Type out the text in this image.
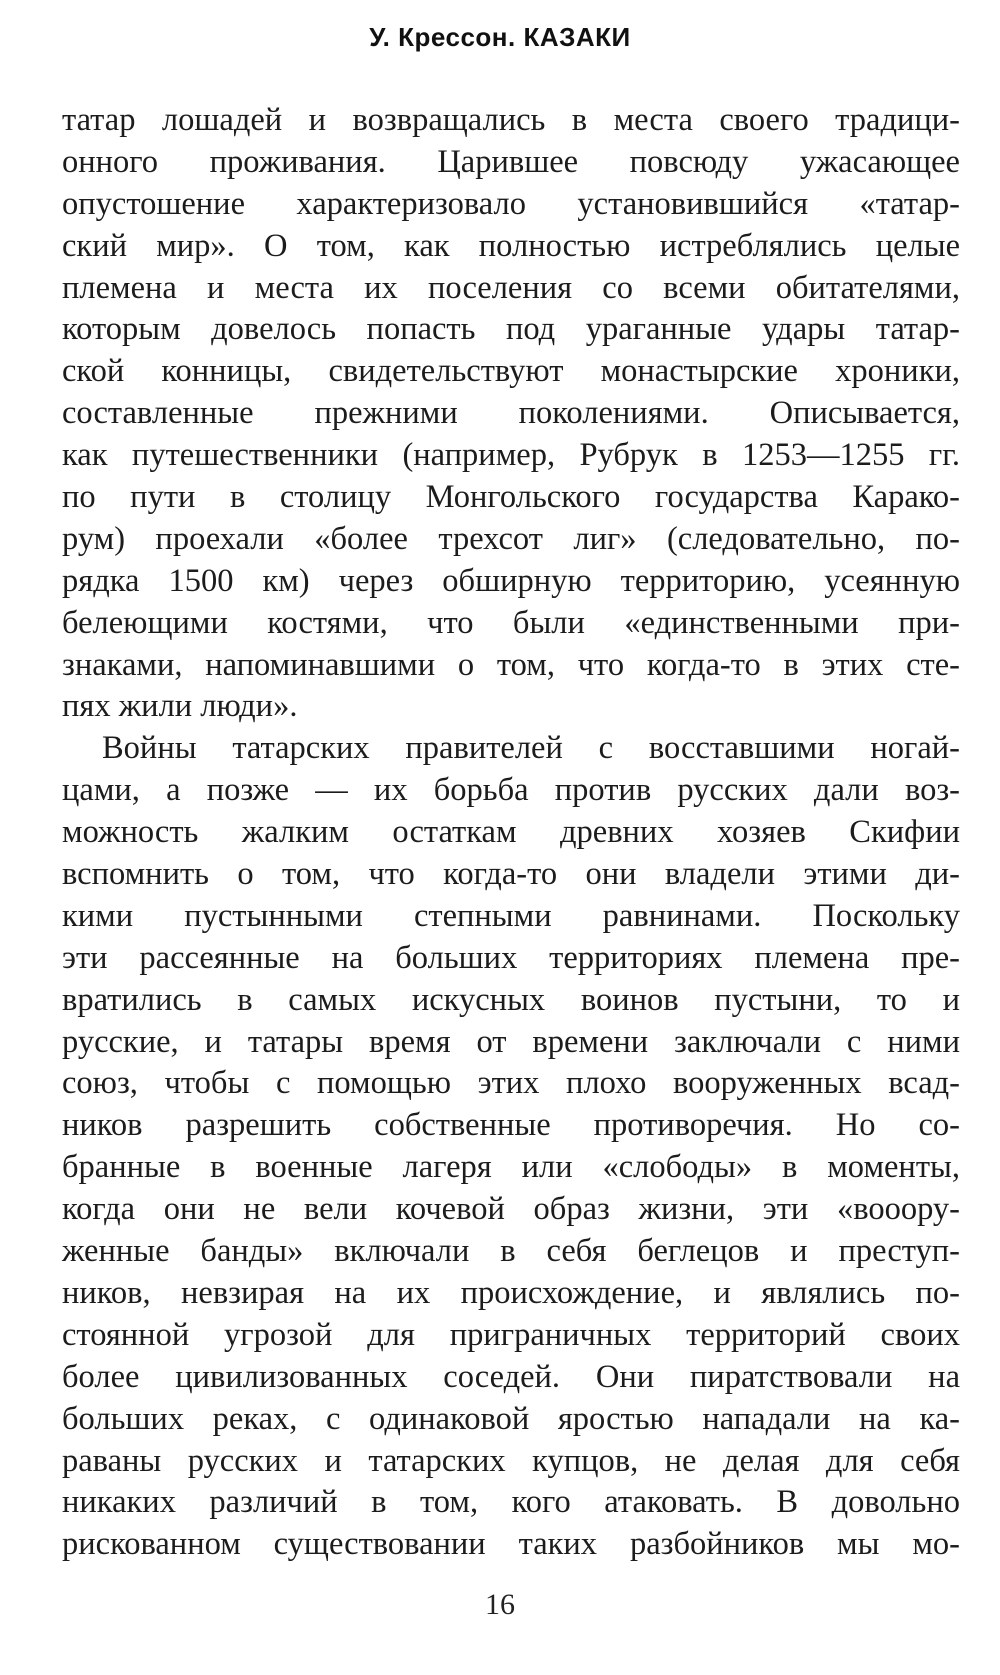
У. Крессон. КАЗАКИ
татар лошадей и возвращались в места своего традици-
онного проживания. Царившее повсюду ужасающее
опустошение характеризовало установившийся «татар-
ский мир». О том, как полностью истреблялись целые
племена и места их поселения со всеми обитателями,
которым довелось попасть под ураганные удары татар-
ской конницы, свидетельствуют монастырские хроники,
составленные прежними поколениями. Описывается,
как путешественники (например, Рубрук в 1253—1255 гг.
по пути в столицу Монгольского государства Карако-
рум) проехали «более трехсот лиг» (следовательно, по-
рядка 1500 км) через обширную территорию, усеянную
белеющими костями, что были «единственными при-
знаками, напоминавшими о том, что когда-то в этих сте-
пях жили люди».
Войны татарских правителей с восставшими ногай-
цами, а позже — их борьба против русских дали воз-
можность жалким остаткам древних хозяев Скифии
вспомнить о том, что когда-то они владели этими ди-
кими пустынными степными равнинами. Поскольку
эти рассеянные на больших территориях племена пре-
вратились в самых искусных воинов пустыни, то и
русские, и татары время от времени заключали с ними
союз, чтобы с помощью этих плохо вооруженных всад-
ников разрешить собственные противоречия. Но со-
бранные в военные лагеря или «слободы» в моменты,
когда они не вели кочевой образ жизни, эти «вооору-
женные банды» включали в себя беглецов и преступ-
ников, невзирая на их происхождение, и являлись по-
стоянной угрозой для приграничных территорий своих
более цивилизованных соседей. Они пиратствовали на
больших реках, с одинаковой яростью нападали на ка-
раваны русских и татарских купцов, не делая для себя
никаких различий в том, кого атаковать. В довольно
рискованном существовании таких разбойников мы мо-
16
